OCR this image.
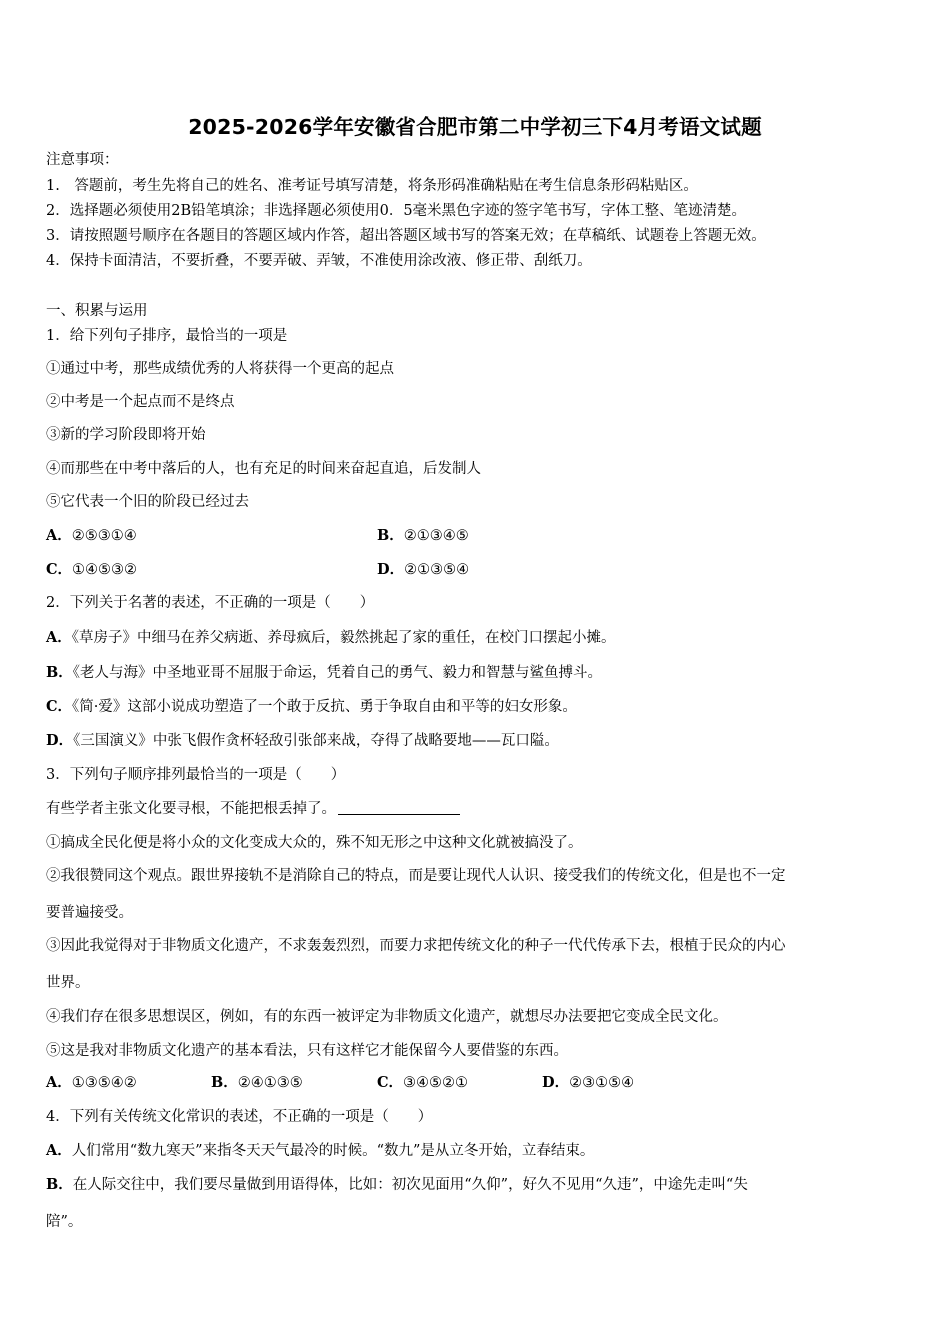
2025-2026学年安徽省合肥市第二中学初三下4月考语文试题
注意事项：
1.　答题前，考生先将自己的姓名、准考证号填写清楚，将条形码准确粘贴在考生信息条形码粘贴区。
2．选择题必须使用2B铅笔填涂；非选择题必须使用0．5毫米黑色字迹的签字笔书写，字体工整、笔迹清楚。
3．请按照题号顺序在各题目的答题区域内作答，超出答题区域书写的答案无效；在草稿纸、试题卷上答题无效。
4．保持卡面清洁，不要折叠，不要弄破、弄皱，不准使用涂改液、修正带、刮纸刀。
一、积累与运用
1．给下列句子排序，最恰当的一项是
①通过中考，那些成绩优秀的人将获得一个更高的起点
②中考是一个起点而不是终点
③新的学习阶段即将开始
④而那些在中考中落后的人，也有充足的时间来奋起直追，后发制人
⑤它代表一个旧的阶段已经过去
A．②⑤③①④	B．②①③④⑤
C．①④⑤③②	D．②①③⑤④
2．下列关于名著的表述，不正确的一项是（　　）
A．《草房子》中细马在养父病逝、养母疯后，毅然挑起了家的重任，在校门口摆起小摊。
B．《老人与海》中圣地亚哥不屈服于命运，凭着自己的勇气、毅力和智慧与鲨鱼搏斗。
C．《简·爱》这部小说成功塑造了一个敢于反抗、勇于争取自由和平等的妇女形象。
D．《三国演义》中张飞假作贪杯轻敌引张郃来战，夺得了战略要地——瓦口隘。
3．下列句子顺序排列最恰当的一项是（　　）
有些学者主张文化要寻根，不能把根丢掉了。
①搞成全民化便是将小众的文化变成大众的，殊不知无形之中这种文化就被搞没了。
②我很赞同这个观点。跟世界接轨不是消除自己的特点，而是要让现代人认识、接受我们的传统文化，但是也不一定
要普遍接受。
③因此我觉得对于非物质文化遗产，不求轰轰烈烈，而要力求把传统文化的种子一代代传承下去，根植于民众的内心
世界。
④我们存在很多思想误区，例如，有的东西一被评定为非物质文化遗产，就想尽办法要把它变成全民文化。
⑤这是我对非物质文化遗产的基本看法，只有这样它才能保留今人要借鉴的东西。
A．①③⑤④②	B．②④①③⑤	C．③④⑤②①	D．②③①⑤④
4．下列有关传统文化常识的表述，不正确的一项是（　　）
A．人们常用“数九寒天”来指冬天天气最冷的时候。“数九”是从立冬开始，立春结束。
B．在人际交往中，我们要尽量做到用语得体，比如：初次见面用“久仰”，好久不见用“久违”，中途先走叫“失
陪”。
